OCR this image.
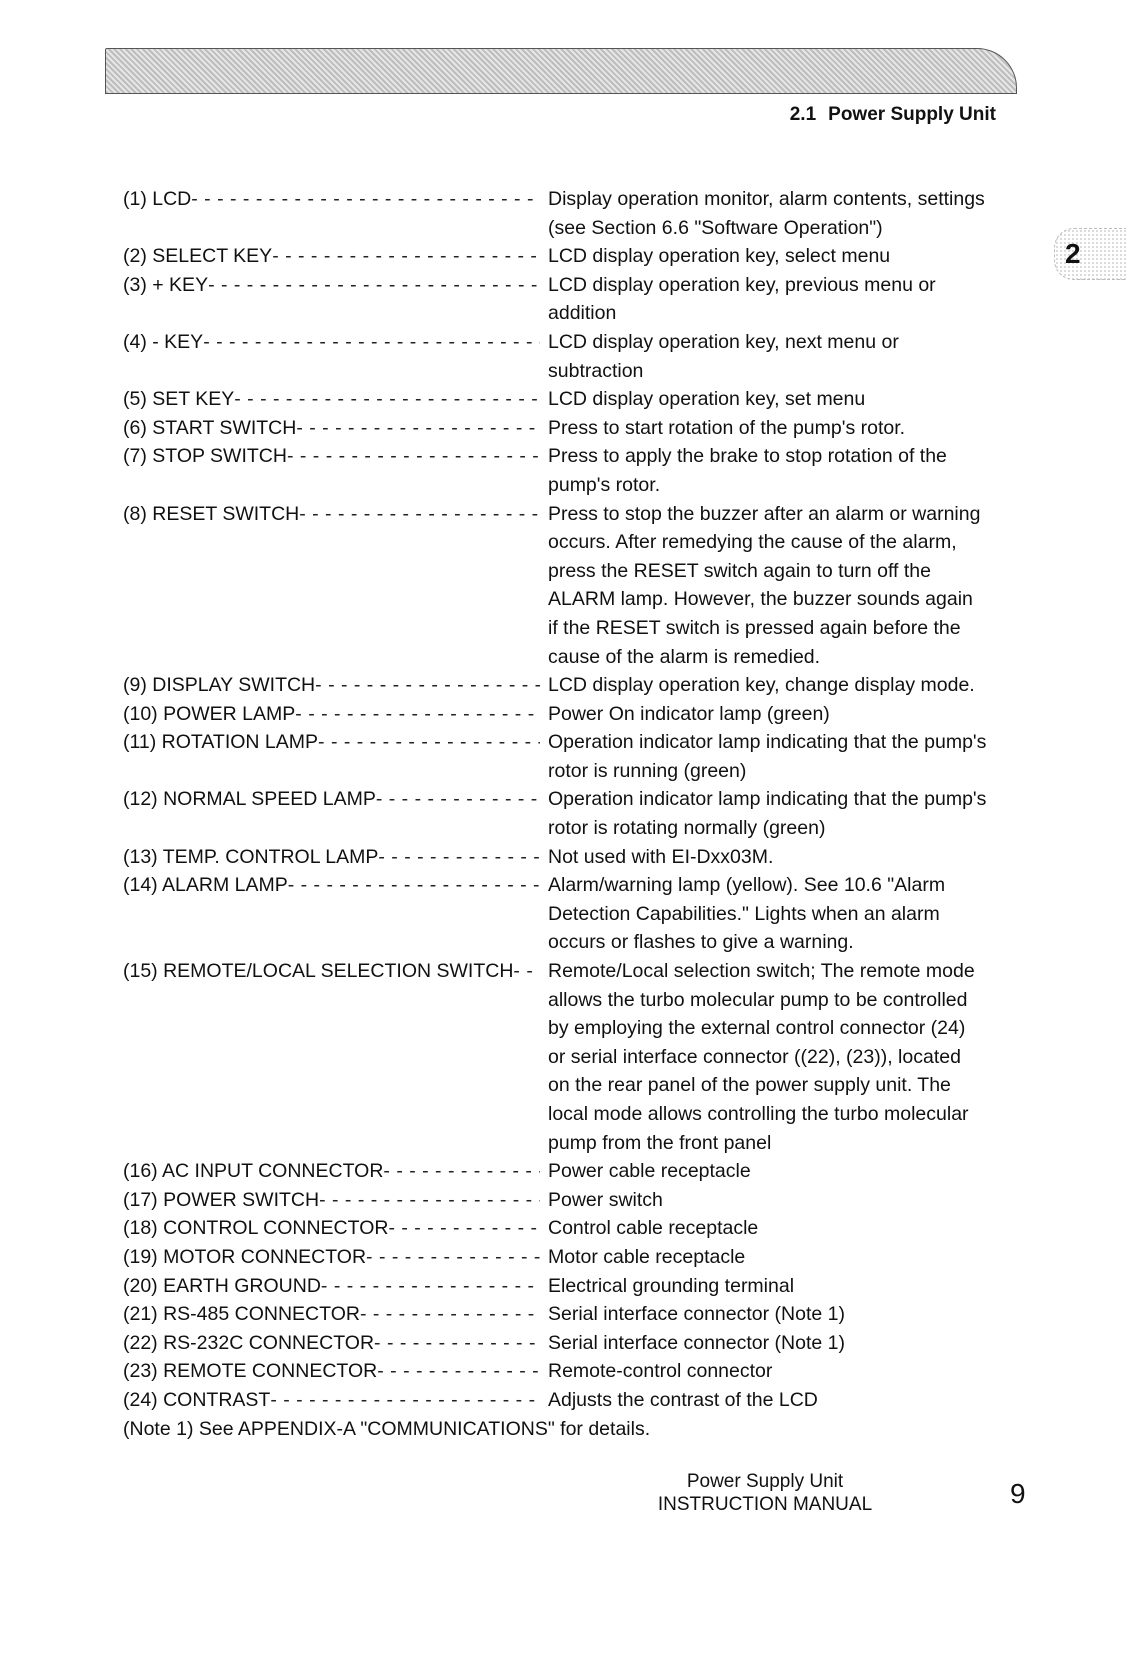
2.1 Power Supply Unit
2
(1) LCD - - -	Display operation monitor, alarm contents, settings (see Section 6.6 "Software Operation")
(2) SELECT KEY - - -	LCD display operation key, select menu
(3) + KEY - - -	LCD display operation key, previous menu or addition
(4) - KEY - - -	LCD display operation key, next menu or subtraction
(5) SET KEY - - -	LCD display operation key, set menu
(6) START SWITCH - - -	Press to start rotation of the pump's rotor.
(7) STOP SWITCH - - -	Press to apply the brake to stop rotation of the pump's rotor.
(8) RESET SWITCH - - -	Press to stop the buzzer after an alarm or warning occurs. After remedying the cause of the alarm, press the RESET switch again to turn off the ALARM lamp. However, the buzzer sounds again if the RESET switch is pressed again before the cause of the alarm is remedied.
(9) DISPLAY SWITCH - - -	LCD display operation key, change display mode.
(10) POWER LAMP - - -	Power On indicator lamp (green)
(11) ROTATION LAMP - - -	Operation indicator lamp indicating that the pump's rotor is running (green)
(12) NORMAL SPEED LAMP - - -	Operation indicator lamp indicating that the pump's rotor is rotating normally (green)
(13) TEMP. CONTROL LAMP - - -	Not used with EI-Dxx03M.
(14) ALARM LAMP - - -	Alarm/warning lamp (yellow). See 10.6 "Alarm Detection Capabilities." Lights when an alarm occurs or flashes to give a warning.
(15) REMOTE/LOCAL SELECTION SWITCH - - - Remote/Local selection switch; The remote mode allows the turbo molecular pump to be controlled by employing the external control connector (24) or serial interface connector ((22), (23)), located on the rear panel of the power supply unit. The local mode allows controlling the turbo molecular pump from the front panel
(16) AC INPUT CONNECTOR - - -	Power cable receptacle
(17) POWER SWITCH - - -	Power switch
(18) CONTROL CONNECTOR - - -	Control cable receptacle
(19) MOTOR CONNECTOR - - -	Motor cable receptacle
(20) EARTH GROUND - - -	Electrical grounding terminal
(21) RS-485 CONNECTOR - - -	Serial interface connector (Note 1)
(22) RS-232C CONNECTOR - - -	Serial interface connector (Note 1)
(23) REMOTE CONNECTOR - - -	Remote-control connector
(24) CONTRAST - - -	Adjusts the contrast of the LCD
(Note 1) See APPENDIX-A "COMMUNICATIONS" for details.
Power Supply Unit
INSTRUCTION MANUAL	9
